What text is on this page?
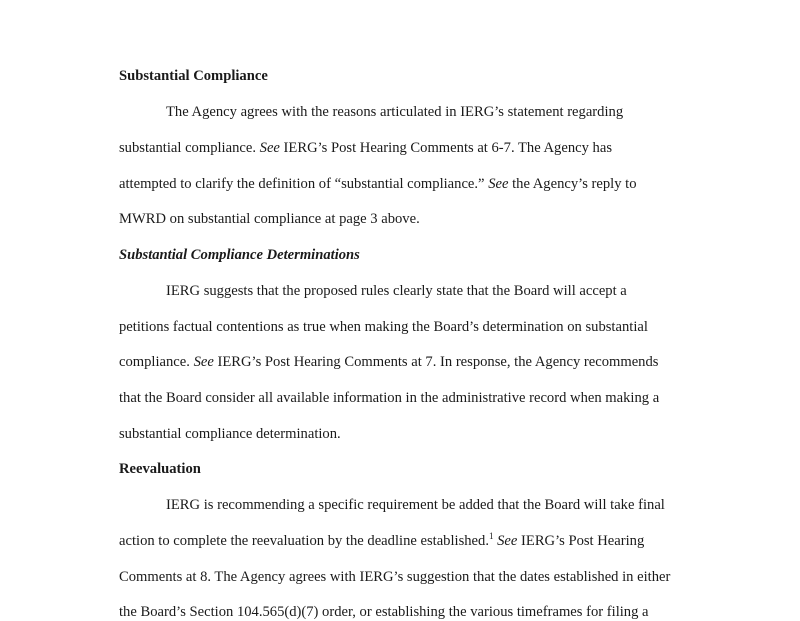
Substantial Compliance
The Agency agrees with the reasons articulated in IERG’s statement regarding
substantial compliance. See IERG’s Post Hearing Comments at 6-7. The Agency has
attempted to clarify the definition of “substantial compliance.” See the Agency’s reply to
MWRD on substantial compliance at page 3 above.
Substantial Compliance Determinations
IERG suggests that the proposed rules clearly state that the Board will accept a
petitions factual contentions as true when making the Board’s determination on substantial
compliance. See IERG’s Post Hearing Comments at 7. In response, the Agency recommends
that the Board consider all available information in the administrative record when making a
substantial compliance determination.
Reevaluation
IERG is recommending a specific requirement be added that the Board will take final
action to complete the reevaluation by the deadline established.$^1$ See IERG’s Post Hearing
Comments at 8. The Agency agrees with IERG’s suggestion that the dates established in either
the Board’s Section 104.565(d)(7) order, or establishing the various timeframes for filing a
